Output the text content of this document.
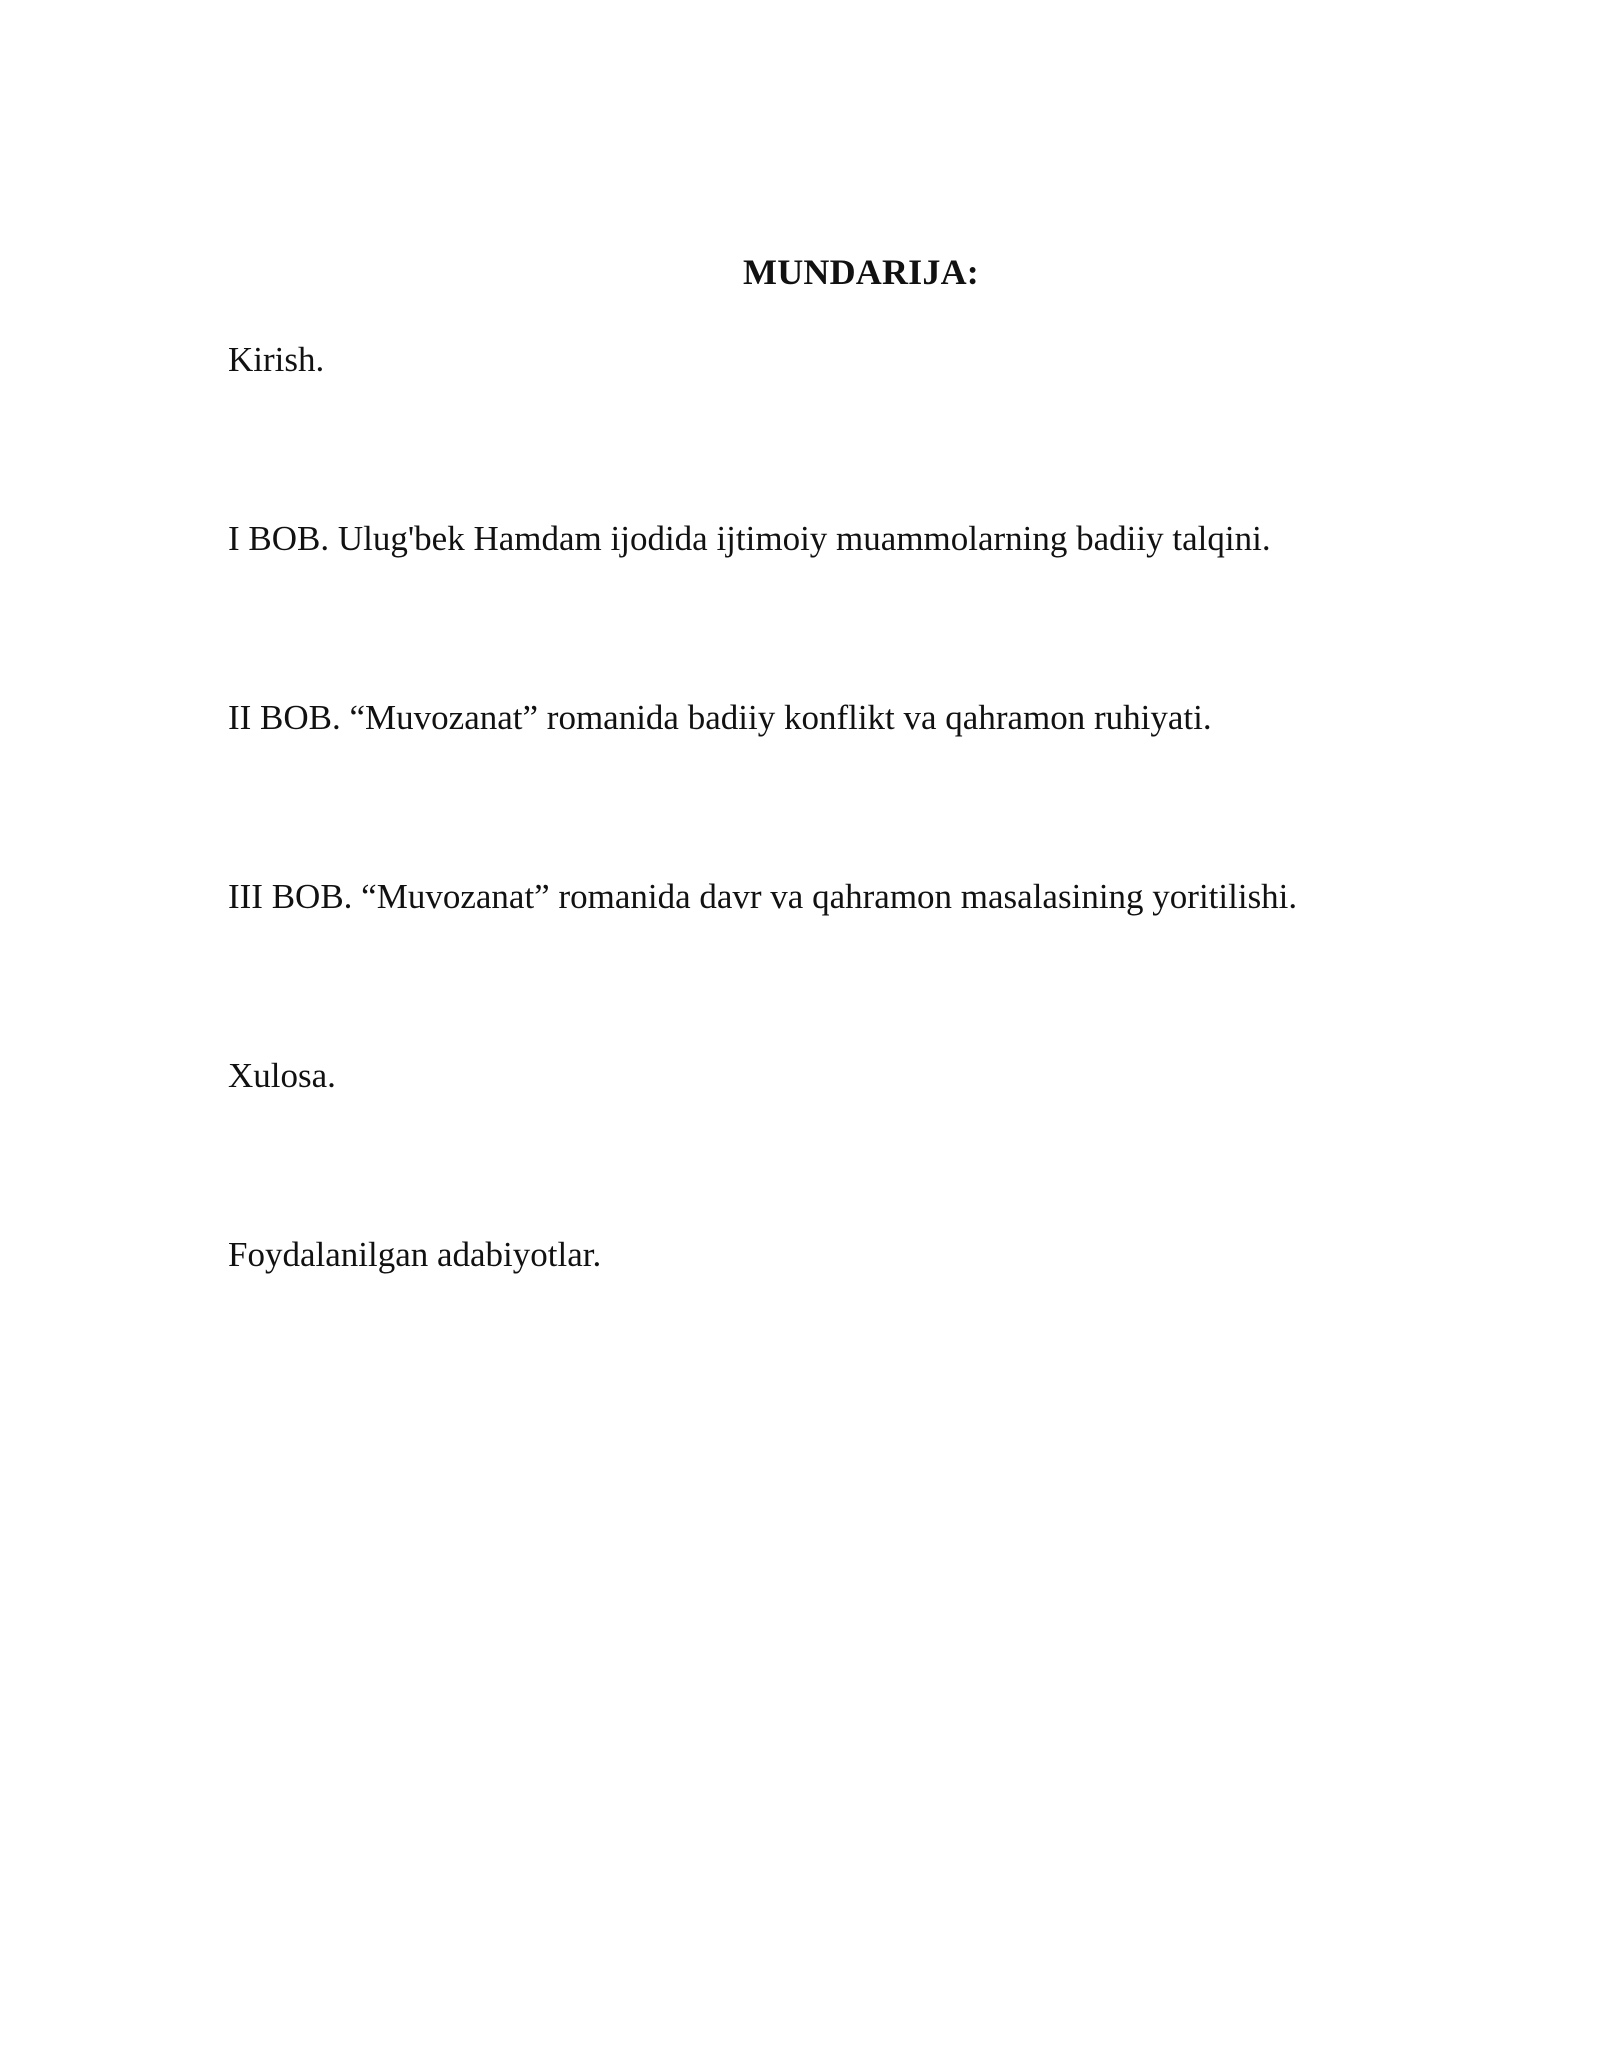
MUNDARIJA:
Kirish.
I BOB. Ulug'bek Hamdam ijodida ijtimoiy muammolarning badiiy talqini.
II BOB. “Muvozanat” romanida badiiy konflikt va qahramon ruhiyati.
III BOB. “Muvozanat” romanida davr va qahramon masalasining yoritilishi.
Xulosa.
Foydalanilgan adabiyotlar.
